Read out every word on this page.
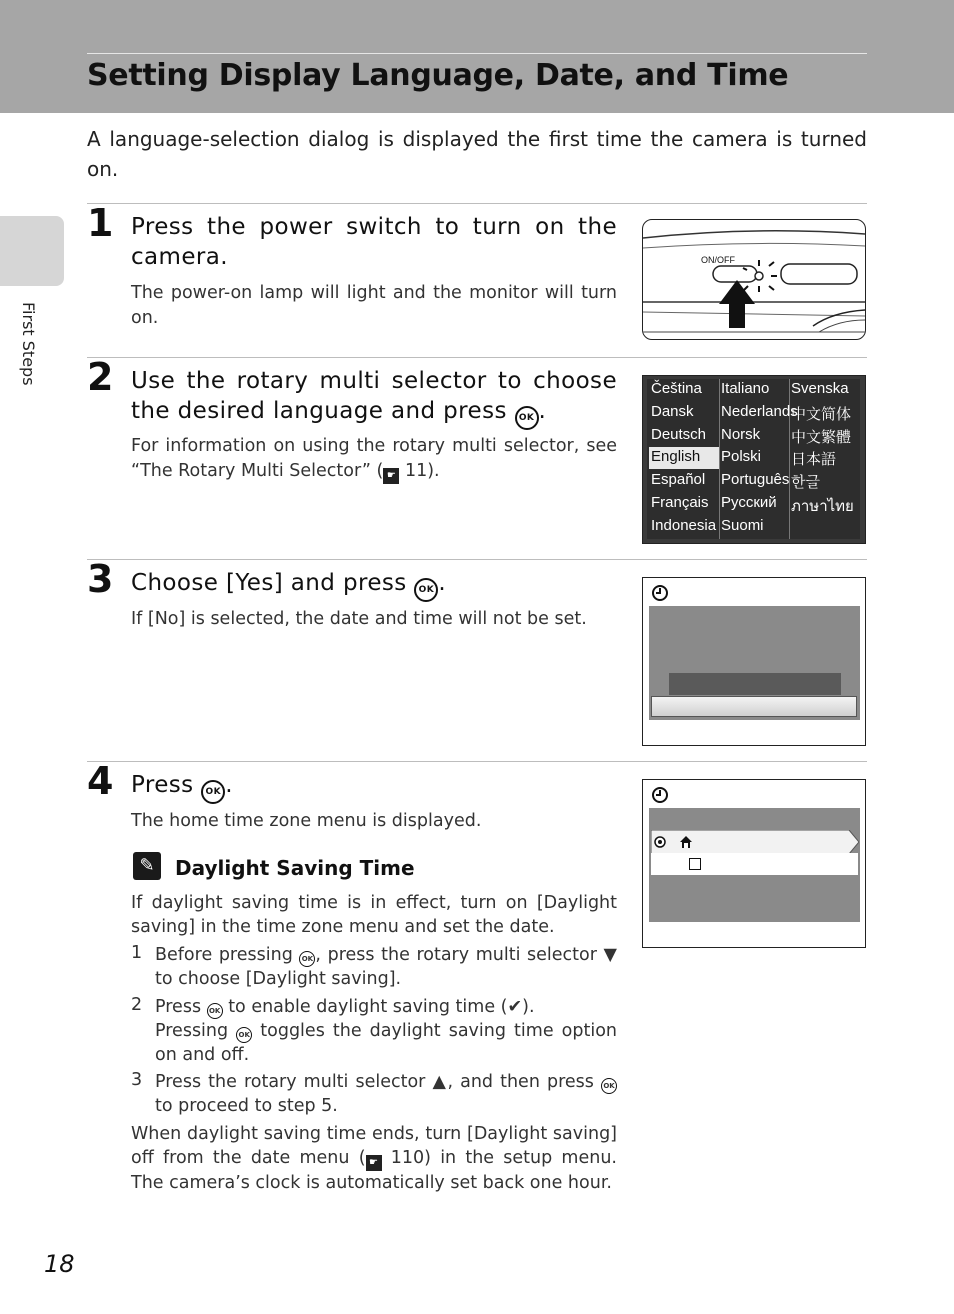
Setting Display Language, Date, and Time
A language-selection dialog is displayed the first time the camera is turned on.
First Steps
1 Press the power switch to turn on the camera.
The power-on lamp will light and the monitor will turn on.
ON/OFF
2 Use the rotary multi selector to choose the desired language and press OK .
For information on using the rotary multi selector, see “The Rotary Multi Selector” ( ☛ 11).
Čeština
Dansk
Deutsch
English
Español
Français
Indonesia
Italiano
Nederlands
Norsk
Polski
Português
Русский
Suomi
Svenska
中文简体
中文繁體
日本語
한글
ภาษาไทย
3 Choose [Yes] and press OK .
If [No] is selected, the date and time will not be set.
4 Press OK .
The home time zone menu is displayed.
✎	Daylight Saving Time
If daylight saving time is in effect, turn on [Daylight saving] in the time zone menu and set the date.
1 Before pressing OK , press the rotary multi selector ▼ to choose [Daylight saving].
2 Press OK to enable daylight saving time (✔).
Pressing OK toggles the daylight saving time option on and off.
3 Press the rotary multi selector ▲, and then press OK to proceed to step 5.
When daylight saving time ends, turn [Daylight saving] off from the date menu ( ☛ 110) in the setup menu. The camera’s clock is automatically set back one hour.
18
